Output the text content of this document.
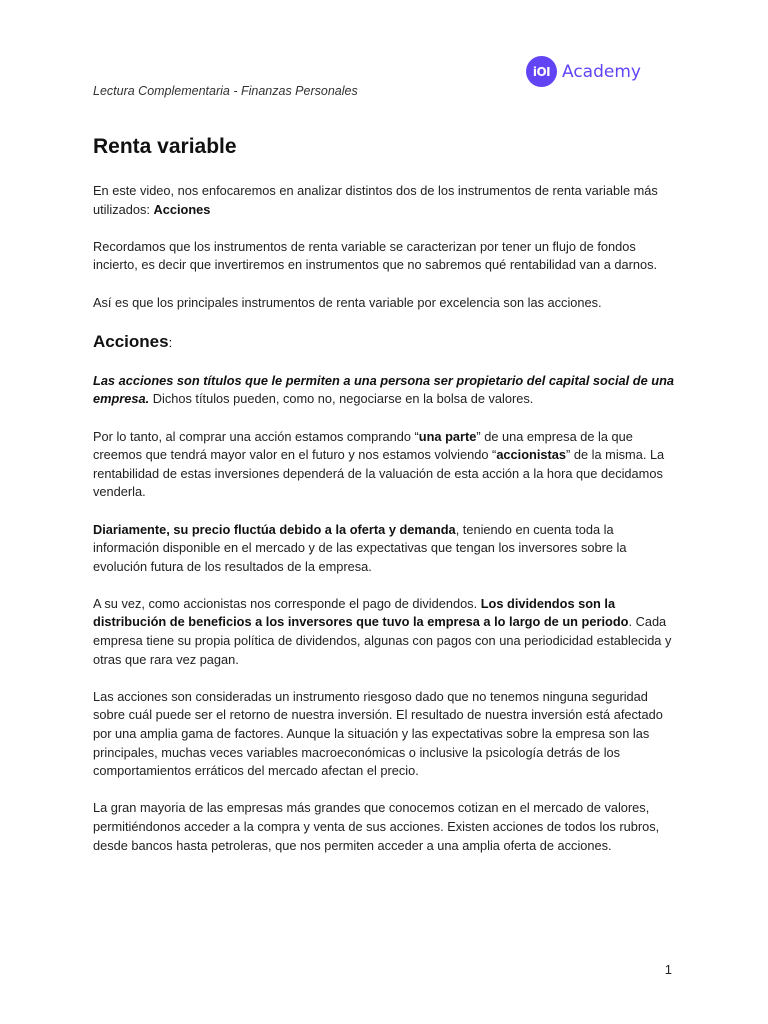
Lectura Complementaria - Finanzas Personales
iOI Academy
Renta variable

En este video, nos enfocaremos en analizar distintos dos de los instrumentos de renta variable más utilizados: Acciones

Recordamos que los instrumentos de renta variable se caracterizan por tener un flujo de fondos incierto, es decir que invertiremos en instrumentos que no sabremos qué rentabilidad van a darnos.

Así es que los principales instrumentos de renta variable por excelencia son las acciones.

Acciones:

Las acciones son títulos que le permiten a una persona ser propietario del capital social de una empresa. Dichos títulos pueden, como no, negociarse en la bolsa de valores.

Por lo tanto, al comprar una acción estamos comprando “una parte” de una empresa de la que creemos que tendrá mayor valor en el futuro y nos estamos volviendo “accionistas” de la misma. La rentabilidad de estas inversiones dependerá de la valuación de esta acción a la hora que decidamos venderla.

Diariamente, su precio fluctúa debido a la oferta y demanda, teniendo en cuenta toda la información disponible en el mercado y de las expectativas que tengan los inversores sobre la evolución futura de los resultados de la empresa.

A su vez, como accionistas nos corresponde el pago de dividendos. Los dividendos son la distribución de beneficios a los inversores que tuvo la empresa a lo largo de un periodo. Cada empresa tiene su propia política de dividendos, algunas con pagos con una periodicidad establecida y otras que rara vez pagan.

Las acciones son consideradas un instrumento riesgoso dado que no tenemos ninguna seguridad sobre cuál puede ser el retorno de nuestra inversión. El resultado de nuestra inversión está afectado por una amplia gama de factores. Aunque la situación y las expectativas sobre la empresa son las principales, muchas veces variables macroeconómicas o inclusive la psicología detrás de los comportamientos erráticos del mercado afectan el precio.

La gran mayoria de las empresas más grandes que conocemos cotizan en el mercado de valores, permitiéndonos acceder a la compra y venta de sus acciones. Existen acciones de todos los rubros, desde bancos hasta petroleras, que nos permiten acceder a una amplia oferta de acciones.

1
